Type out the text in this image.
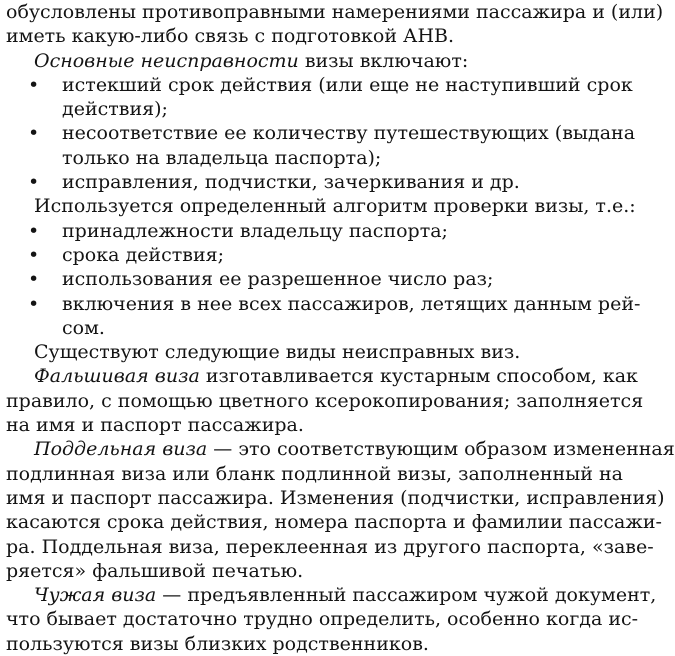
обусловлены противоправными намерениями пассажира и (или)
иметь какую-либо связь с подготовкой АНВ.
Основные неисправности визы включают:
• истекший срок действия (или еще не наступивший срок
действия);
• несоответствие ее количеству путешествующих (выдана
только на владельца паспорта);
• исправления, подчистки, зачеркивания и др.
Используется определенный алгоритм проверки визы, т.е.:
• принадлежности владельцу паспорта;
• срока действия;
• использования ее разрешенное число раз;
• включения в нее всех пассажиров, летящих данным рей-
сом.
Существуют следующие виды неисправных виз.
Фальшивая виза изготавливается кустарным способом, как
правило, с помощью цветного ксерокопирования; заполняется
на имя и паспорт пассажира.
Поддельная виза — это соответствующим образом измененная
подлинная виза или бланк подлинной визы, заполненный на
имя и паспорт пассажира. Изменения (подчистки, исправления)
касаются срока действия, номера паспорта и фамилии пассажи-
ра. Поддельная виза, переклеенная из другого паспорта, «заве-
ряется» фальшивой печатью.
Чужая виза — предъявленный пассажиром чужой документ,
что бывает достаточно трудно определить, особенно когда ис-
пользуются визы близких родственников.
